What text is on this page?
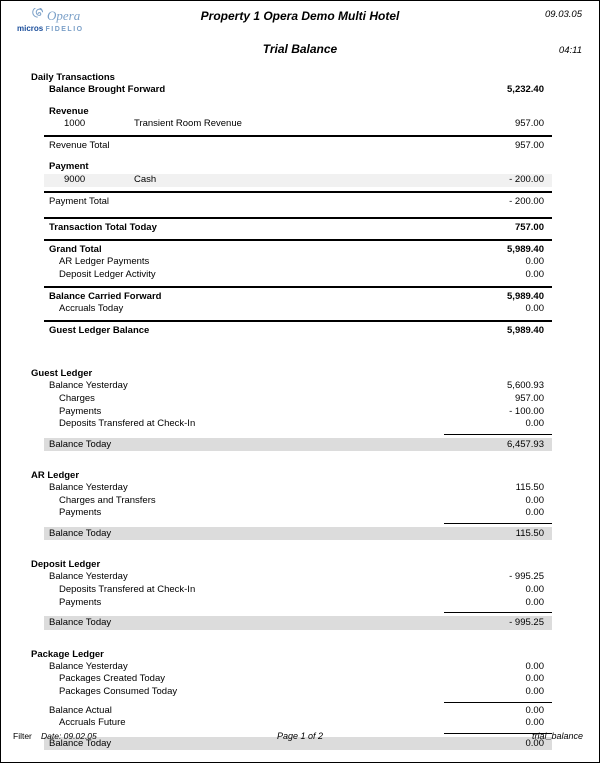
Opera
micros FIDELIO
Property 1 Opera Demo Multi Hotel	09.03.05
Trial Balance	04:11
Daily Transactions
Balance Brought Forward	5,232.40
Revenue
1000	Transient Room Revenue	957.00
Revenue Total	957.00
Payment
9000	Cash	- 200.00
Payment Total	- 200.00
Transaction Total Today	757.00
Grand Total	5,989.40
AR Ledger Payments	0.00
Deposit Ledger Activity	0.00
Balance Carried Forward	5,989.40
Accruals Today	0.00
Guest Ledger Balance	5,989.40
Guest Ledger
Balance Yesterday	5,600.93
Charges	957.00
Payments	- 100.00
Deposits Transfered at Check-In	0.00
Balance Today	6,457.93
AR Ledger
Balance Yesterday	115.50
Charges and Transfers	0.00
Payments	0.00
Balance Today	115.50
Deposit Ledger
Balance Yesterday	- 995.25
Deposits Transfered at Check-In	0.00
Payments	0.00
Balance Today	- 995.25
Package Ledger
Balance Yesterday	0.00
Packages Created Today	0.00
Packages Consumed Today	0.00
Balance Actual	0.00
Accruals Future	0.00
Balance Today	0.00
Filter Date: 09.02.05	Page 1 of 2	trial_balance
